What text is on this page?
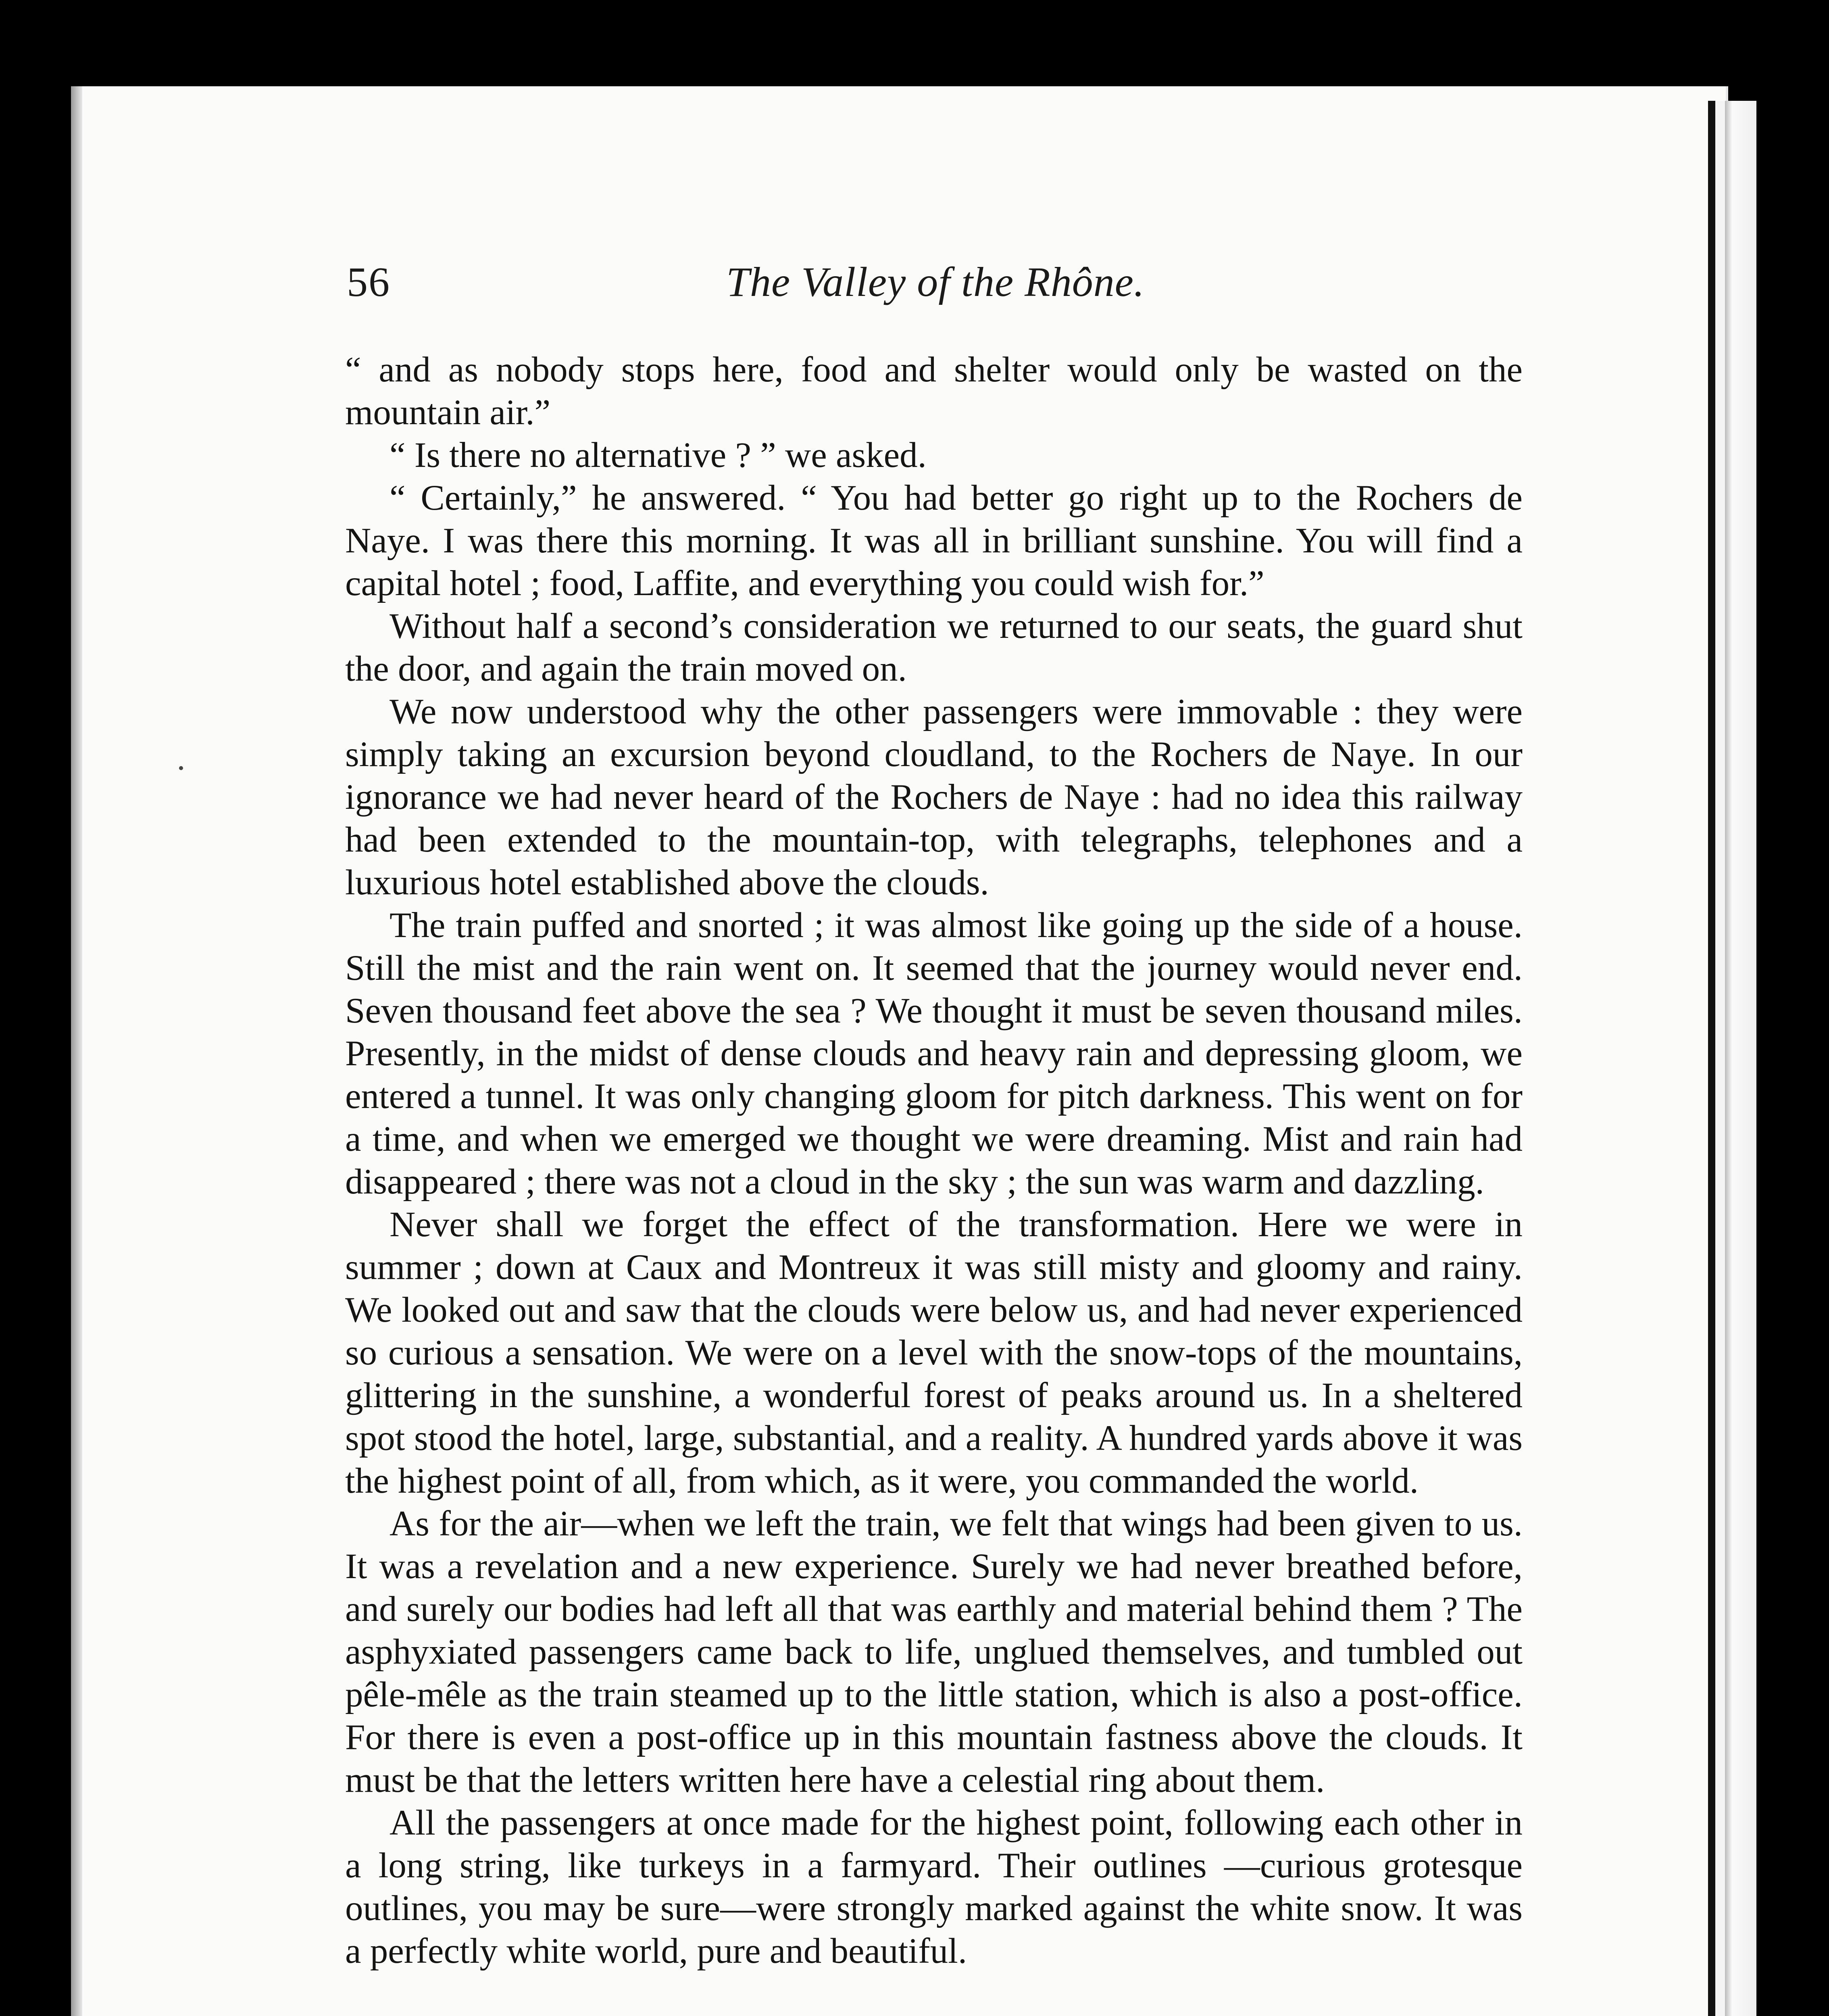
56	The Valley of the Rhône.

“ and as nobody stops here, food and shelter would only be wasted on the mountain air.”

“ Is there no alternative ? ” we asked.

“ Certainly,” he answered. “ You had better go right up to the Rochers de Naye. I was there this morning. It was all in brilliant sunshine. You will find a capital hotel ; food, Laffite, and everything you could wish for.”

Without half a second’s consideration we returned to our seats, the guard shut the door, and again the train moved on.

We now understood why the other passengers were immovable : they were simply taking an excursion beyond cloudland, to the Rochers de Naye. In our ignorance we had never heard of the Rochers de Naye : had no idea this railway had been extended to the mountain-top, with telegraphs, telephones and a luxurious hotel established above the clouds.

The train puffed and snorted ; it was almost like going up the side of a house. Still the mist and the rain went on. It seemed that the journey would never end. Seven thousand feet above the sea ? We thought it must be seven thousand miles. Presently, in the midst of dense clouds and heavy rain and depressing gloom, we entered a tunnel. It was only changing gloom for pitch darkness. This went on for a time, and when we emerged we thought we were dreaming. Mist and rain had disappeared ; there was not a cloud in the sky ; the sun was warm and dazzling.

Never shall we forget the effect of the transformation. Here we were in summer ; down at Caux and Montreux it was still misty and gloomy and rainy. We looked out and saw that the clouds were below us, and had never experienced so curious a sensation. We were on a level with the snow-tops of the mountains, glittering in the sunshine, a wonderful forest of peaks around us. In a sheltered spot stood the hotel, large, substantial, and a reality. A hundred yards above it was the highest point of all, from which, as it were, you commanded the world.

As for the air—when we left the train, we felt that wings had been given to us. It was a revelation and a new experience. Surely we had never breathed before, and surely our bodies had left all that was earthly and material behind them ? The asphyxiated passengers came back to life, unglued themselves, and tumbled out pêle-mêle as the train steamed up to the little station, which is also a post-office. For there is even a post-office up in this mountain fastness above the clouds. It must be that the letters written here have a celestial ring about them.

All the passengers at once made for the highest point, following each other in a long string, like turkeys in a farmyard. Their outlines —curious grotesque outlines, you may be sure—were strongly marked against the white snow. It was a perfectly white world, pure and beautiful.
